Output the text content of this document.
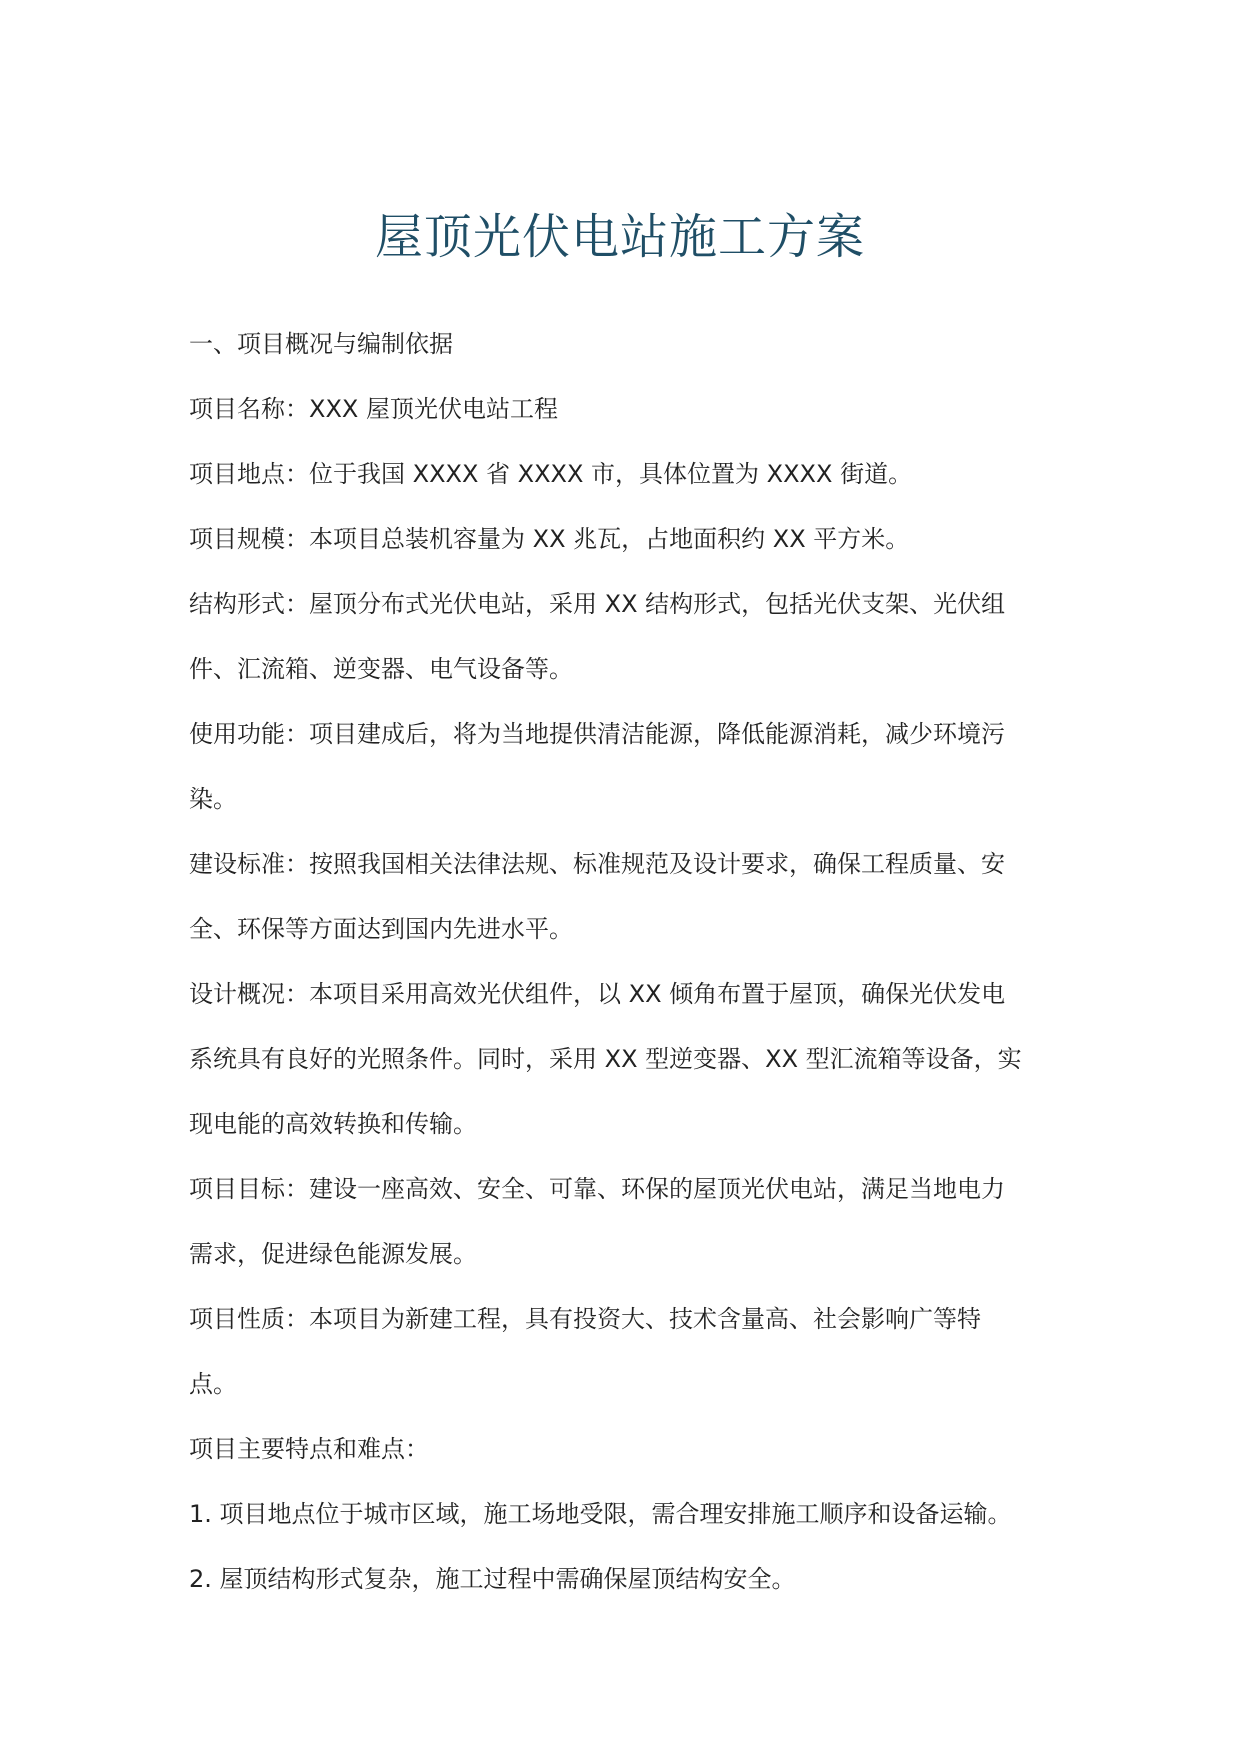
屋顶光伏电站施工方案
一、项目概况与编制依据
项目名称：XXX 屋顶光伏电站工程
项目地点：位于我国 XXXX 省 XXXX 市，具体位置为 XXXX 街道。
项目规模：本项目总装机容量为 XX 兆瓦，占地面积约 XX 平方米。
结构形式：屋顶分布式光伏电站，采用 XX 结构形式，包括光伏支架、光伏组
件、汇流箱、逆变器、电气设备等。
使用功能：项目建成后，将为当地提供清洁能源，降低能源消耗，减少环境污
染。
建设标准：按照我国相关法律法规、标准规范及设计要求，确保工程质量、安
全、环保等方面达到国内先进水平。
设计概况：本项目采用高效光伏组件，以 XX 倾角布置于屋顶，确保光伏发电
系统具有良好的光照条件。同时，采用 XX 型逆变器、XX 型汇流箱等设备，实
现电能的高效转换和传输。
项目目标：建设一座高效、安全、可靠、环保的屋顶光伏电站，满足当地电力
需求，促进绿色能源发展。
项目性质：本项目为新建工程，具有投资大、技术含量高、社会影响广等特
点。
项目主要特点和难点：
1. 项目地点位于城市区域，施工场地受限，需合理安排施工顺序和设备运输。
2. 屋顶结构形式复杂，施工过程中需确保屋顶结构安全。
